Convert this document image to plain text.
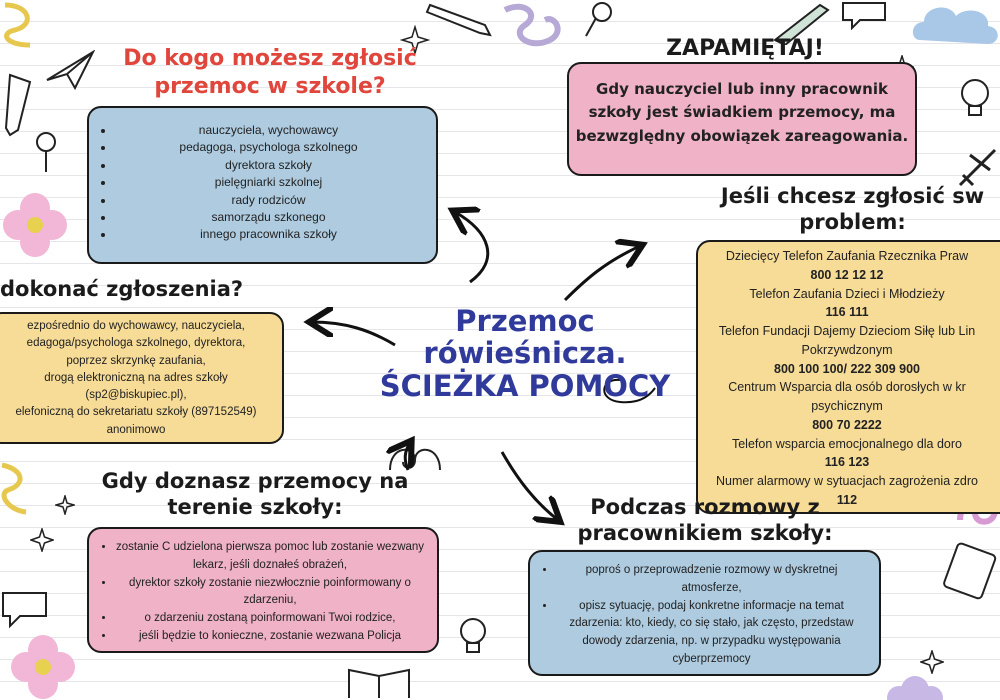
Do kogo możesz zgłosić
przemoc w szkole?
• nauczyciela, wychowawcy
• pedagoga, psychologa szkolnego
• dyrektora szkoły
• pielęgniarki szkolnej
• rady rodziców
• samorządu szkonego
• innego pracownika szkoły
ZAPAMIĘTAJ!
Gdy nauczyciel lub inny pracownik
szkoły jest świadkiem przemocy, ma
bezwzględny obowiązek zareagowania.
dokonać zgłoszenia?
ezpośrednio do wychowawcy, nauczyciela,
edagoga/psychologa szkolnego, dyrektora,
poprzez skrzynkę zaufania,
drogą elektroniczną na adres szkoły
(sp2@biskupiec.pl),
elefoniczną do sekretariatu szkoły (897152549)
anonimowo
Przemoc
rówieśnicza.
ŚCIEŻKA POMOCY
Jeśli chcesz zgłosić sw
problem:
Dziecięcy Telefon Zaufania Rzecznika Praw
800 12 12 12
Telefon Zaufania Dzieci i Młodzieży
116 111
Telefon Fundacji Dajemy Dzieciom Siłę lub Lin
Pokrzywdzonym
800 100 100/ 222 309 900
Centrum Wsparcia dla osób dorosłych w kr
psychicznym
800 70 2222
Telefon wsparcia emocjonalnego dla doro
116 123
Numer alarmowy w sytuacjach zagrożenia zdro
112
Gdy doznasz przemocy na
terenie szkoły:
• zostanie C udzielona pierwsza pomoc lub zostanie wezwany lekarz, jeśli doznałeś obrażeń,
• dyrektor szkoły zostanie niezwłocznie poinformowany o zdarzeniu,
• o zdarzeniu zostaną poinformowani Twoi rodzice,
• jeśli będzie to konieczne, zostanie wezwana Policja
Podczas rozmowy z
pracownikiem szkoły:
• poproś o przeprowadzenie rozmowy w dyskretnej atmosferze,
• opisz sytuację, podaj konkretne informacje na temat zdarzenia: kto, kiedy, co się stało, jak często, przedstaw dowody zdarzenia, np. w przypadku występowania cyberprzemocy
